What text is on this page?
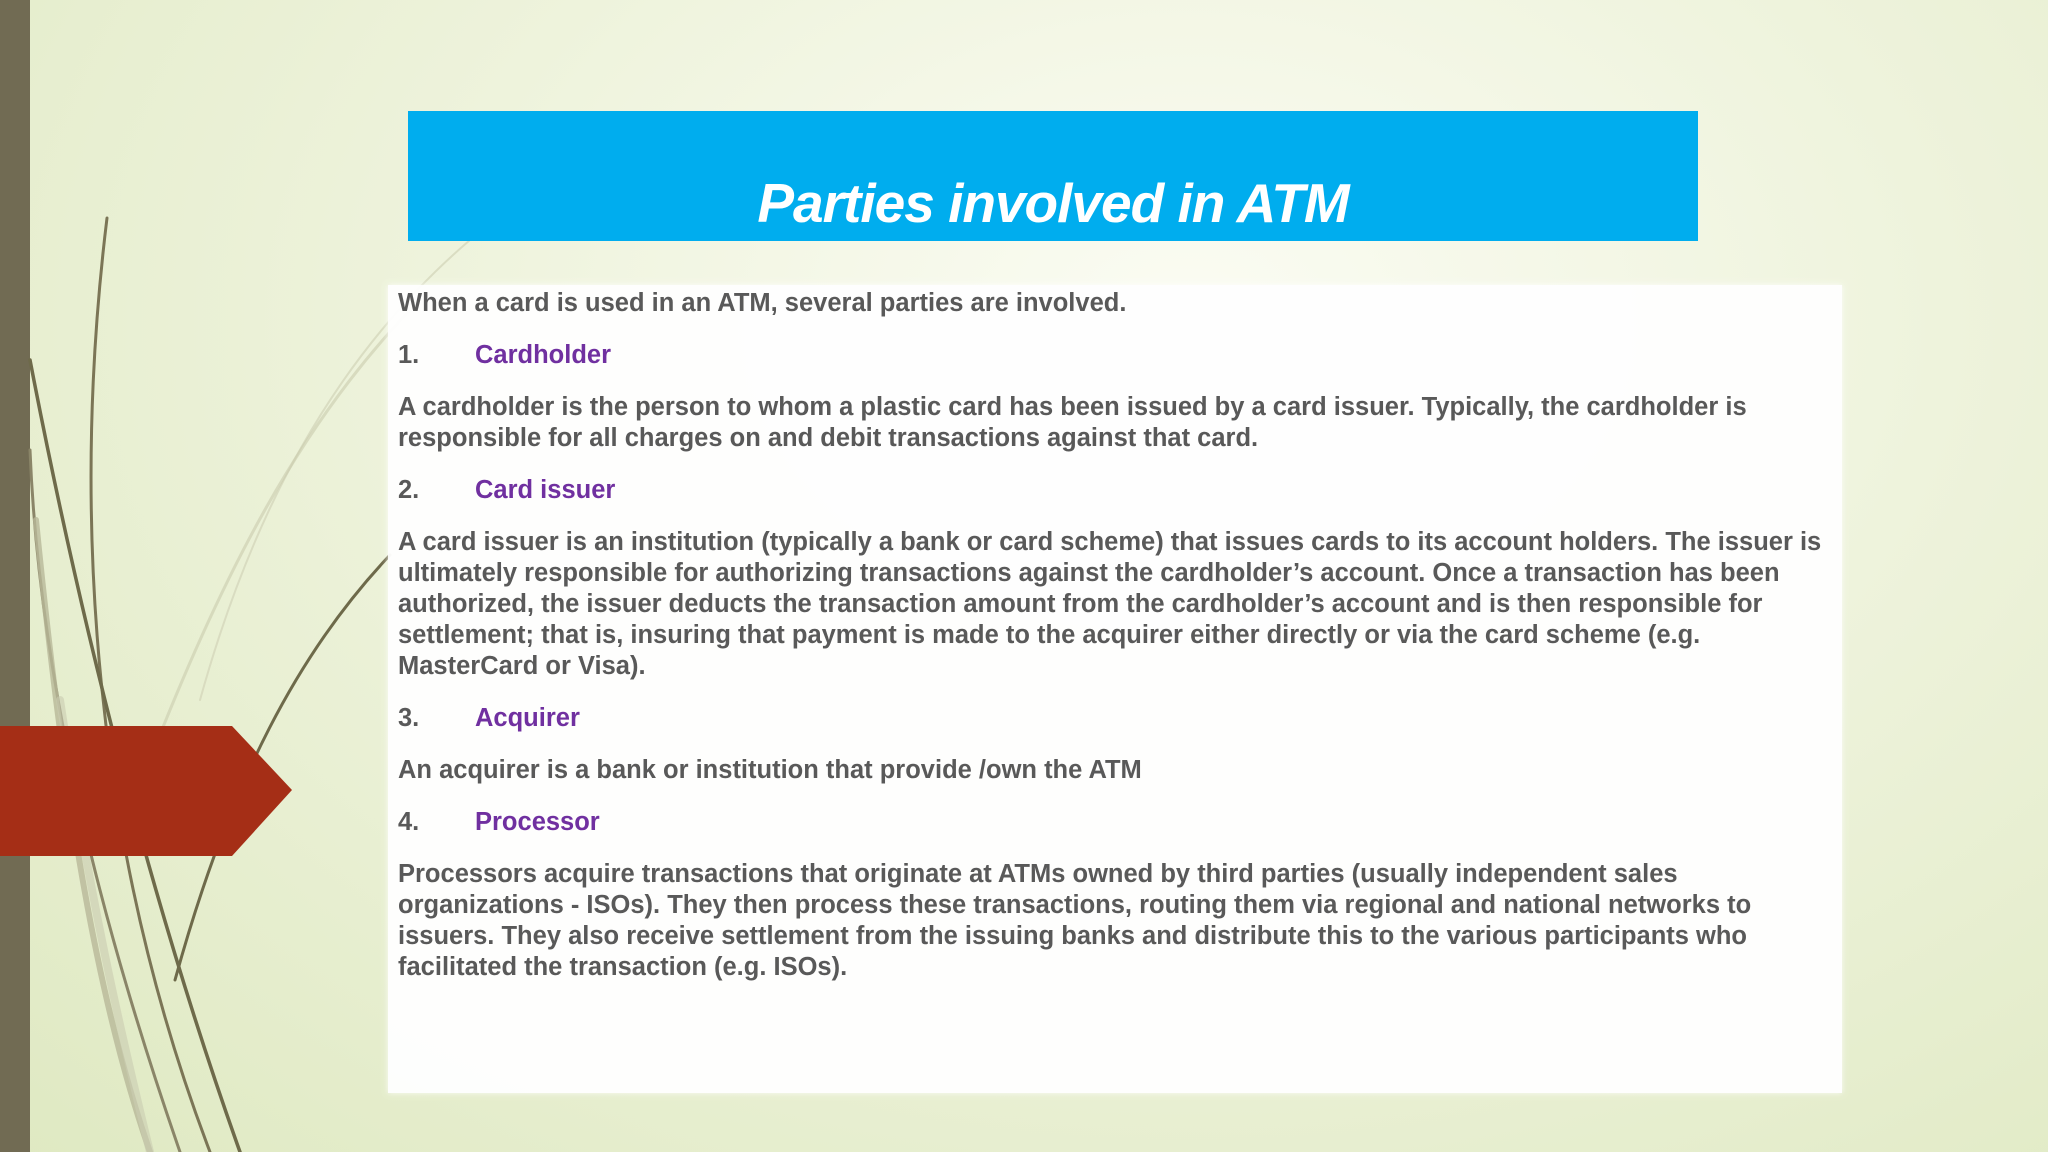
Parties involved in ATM

When a card is used in an ATM, several parties are involved.

1.	Cardholder

A cardholder is the person to whom a plastic card has been issued by a card issuer. Typically, the cardholder is responsible for all charges on and debit transactions against that card.

2.	Card issuer

A card issuer is an institution (typically a bank or card scheme) that issues cards to its account holders. The issuer is ultimately responsible for authorizing transactions against the cardholder’s account. Once a transaction has been authorized, the issuer deducts the transaction amount from the cardholder’s account and is then responsible for settlement; that is, insuring that payment is made to the acquirer either directly or via the card scheme (e.g. MasterCard or Visa).

3.	Acquirer

An acquirer is a bank or institution that provide /own the ATM

4.	Processor

Processors acquire transactions that originate at ATMs owned by third parties (usually independent sales organizations - ISOs). They then process these transactions, routing them via regional and national networks to issuers. They also receive settlement from the issuing banks and distribute this to the various participants who facilitated the transaction (e.g. ISOs).
